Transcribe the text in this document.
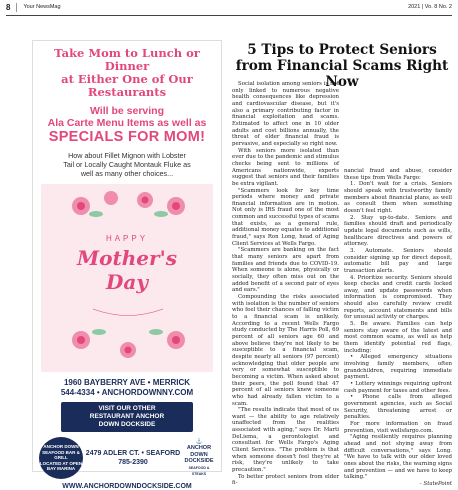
8 Your NewsMag	2021 | Vo. 8 No. 2
Take Mom to Lunch or Dinner
at Either One of Our Restaurants
Will be serving
Ala Carte Menu Items as well as
SPECIALS FOR MOM!
How about Fillet Mignon with Lobster
Tail or Locally Caught Montauk Fluke as
well as many other choices...
HAPPY
Mother's
Day
1960 BAYBERRY AVE • MERRICK
544-4334 • ANCHORDOWNNY.COM
VISIT OUR OTHER
RESTAURANT ANCHOR
DOWN DOCKSIDE
ANCHOR DOWN
SEAFOOD BAR & GRILL
LOCATED AT OPEN BAY MARINA
2479 ADLER CT. • SEAFORD
785-2390
⚓
ANCHOR
DOWN
DOCKSIDE
SEAFOOD & STEAKS
WWW.ANCHORDOWNDOCKSIDE.COM
5 Tips to Protect Seniors
from Financial Scams Right Now

Social isolation among seniors is not only linked to numerous negative health consequences like depression and cardiovascular disease, but it's also a primary contributing factor in financial exploitation and scams. Estimated to affect one in 10 older adults and cost billions annually, the threat of elder financial fraud is pervasive, and especially so right now.

With seniors more isolated than ever due to the pandemic and stimulus checks being sent to millions of Americans nationwide, experts suggest that seniors and their families be extra vigilant.

"Scammers look for key time periods where money and private financial information are in motion. Not only is IRS fraud one of the most common and successful types of scams that exists, as a general rule, additional money equates to additional fraud," says Ron Long, head of Aging Client Services at Wells Fargo.

"Scammers are banking on the fact that many seniors are apart from families and friends due to COVID-19. When someone is alone, physically or socially, they often miss out on the added benefit of a second pair of eyes and ears."

Compounding the risks associated with isolation is the number of seniors who feel their chances of falling victim to a financial scam is unlikely. According to a recent Wells Fargo study conducted by The Harris Poll, 69 percent of all seniors age 60 and above believe they're not likely to be susceptible to a financial scam, despite nearly all seniors (97 percent) acknowledging that older people are very or somewhat susceptible to becoming a victim. When asked about their peers, the poll found that 47 percent of all seniors knew someone who had already fallen victim to a scam.

"The results indicate that most of us want — the ability to age relatively unaffected from the realities associated with aging," says Dr. Marti DeLiema, a gerontologist and consultant for Wells Fargo's Aging Client Services. "The problem is that when someone doesn't feel they're at risk, they're unlikely to take precaution."

To better protect seniors from elder fi-

nancial fraud and abuse, consider these tips from Wells Fargo:

1. Don't wait for a crisis. Seniors should speak with trustworthy family members about financial plans, as well as consult them when something doesn't feel right.

2. Stay up-to-date. Seniors and families should draft and periodically update legal documents such as wills, healthcare directives and powers of attorney.

3. Automate. Seniors should consider signing up for direct deposit, automatic bill pay and large transaction alerts.

4. Prioritize security. Seniors should keep checks and credit cards locked away, and update passwords when information is compromised. They should also carefully review credit reports, account statements and bills for unusual activity or charges.

5. Be aware. Families can help seniors stay aware of the latest and most common scams, as well as help them identify potential red flags, including:

• Alleged emergency situations involving family members, often grandchildren, requiring immediate payment.

• Lottery winnings requiring upfront cash payment for taxes and other fees.

• Phone calls from alleged government agencies, such as Social Security, threatening arrest or penalties.

For more information on fraud prevention, visit wellsfargo.com.

"Aging resiliently requires planning ahead and not shying away from difficult conversations," says Long. "We have to talk with our older loved ones about the risks, the warning signs and prevention — and we have to keep talking."

– StatePoint
